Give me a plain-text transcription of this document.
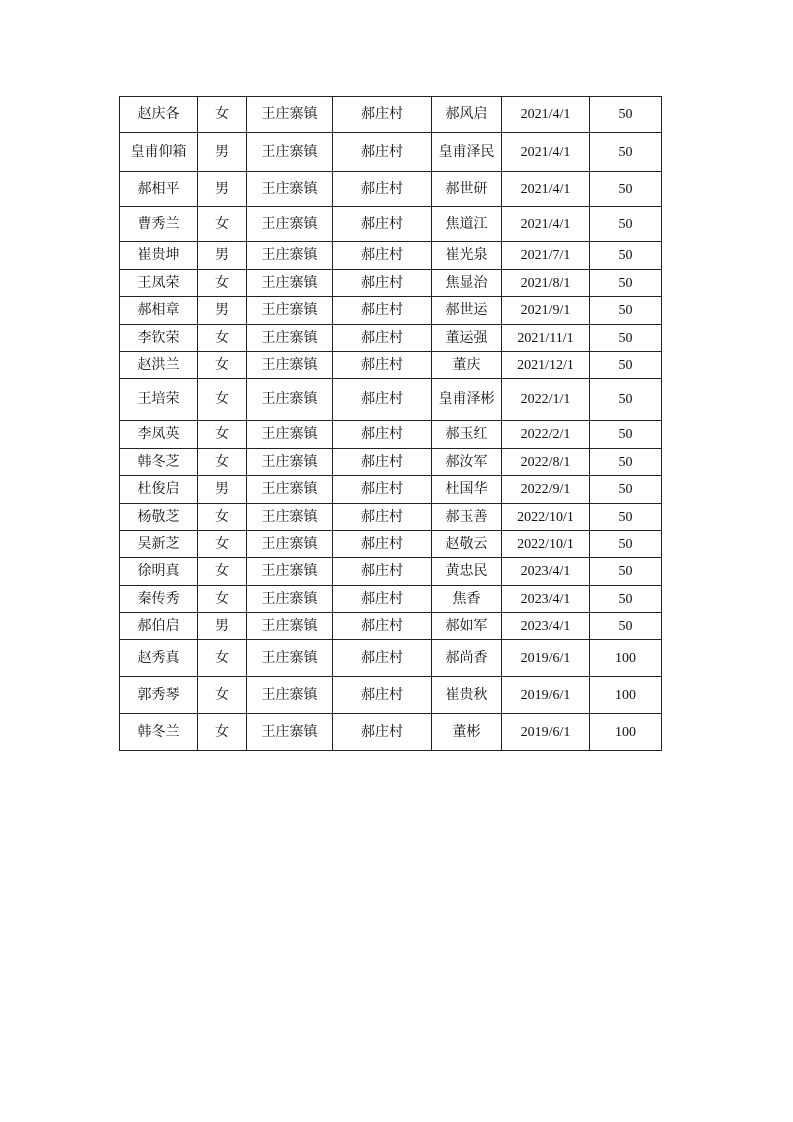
赵庆各	女	王庄寨镇	郝庄村	郝风启	2021/4/1	50
皇甫仰箱	男	王庄寨镇	郝庄村	皇甫泽民	2021/4/1	50
郝相平	男	王庄寨镇	郝庄村	郝世研	2021/4/1	50
曹秀兰	女	王庄寨镇	郝庄村	焦道江	2021/4/1	50
崔贵坤	男	王庄寨镇	郝庄村	崔光泉	2021/7/1	50
王凤荣	女	王庄寨镇	郝庄村	焦显治	2021/8/1	50
郝相章	男	王庄寨镇	郝庄村	郝世运	2021/9/1	50
李钦荣	女	王庄寨镇	郝庄村	董运强	2021/11/1	50
赵洪兰	女	王庄寨镇	郝庄村	董庆	2021/12/1	50
王培荣	女	王庄寨镇	郝庄村	皇甫泽彬	2022/1/1	50
李凤英	女	王庄寨镇	郝庄村	郝玉红	2022/2/1	50
韩冬芝	女	王庄寨镇	郝庄村	郝汝军	2022/8/1	50
杜俊启	男	王庄寨镇	郝庄村	杜国华	2022/9/1	50
杨敬芝	女	王庄寨镇	郝庄村	郝玉善	2022/10/1	50
吴新芝	女	王庄寨镇	郝庄村	赵敬云	2022/10/1	50
徐明真	女	王庄寨镇	郝庄村	黄忠民	2023/4/1	50
秦传秀	女	王庄寨镇	郝庄村	焦香	2023/4/1	50
郝伯启	男	王庄寨镇	郝庄村	郝如军	2023/4/1	50
赵秀真	女	王庄寨镇	郝庄村	郝尚香	2019/6/1	100
郭秀琴	女	王庄寨镇	郝庄村	崔贵秋	2019/6/1	100
韩冬兰	女	王庄寨镇	郝庄村	董彬	2019/6/1	100
